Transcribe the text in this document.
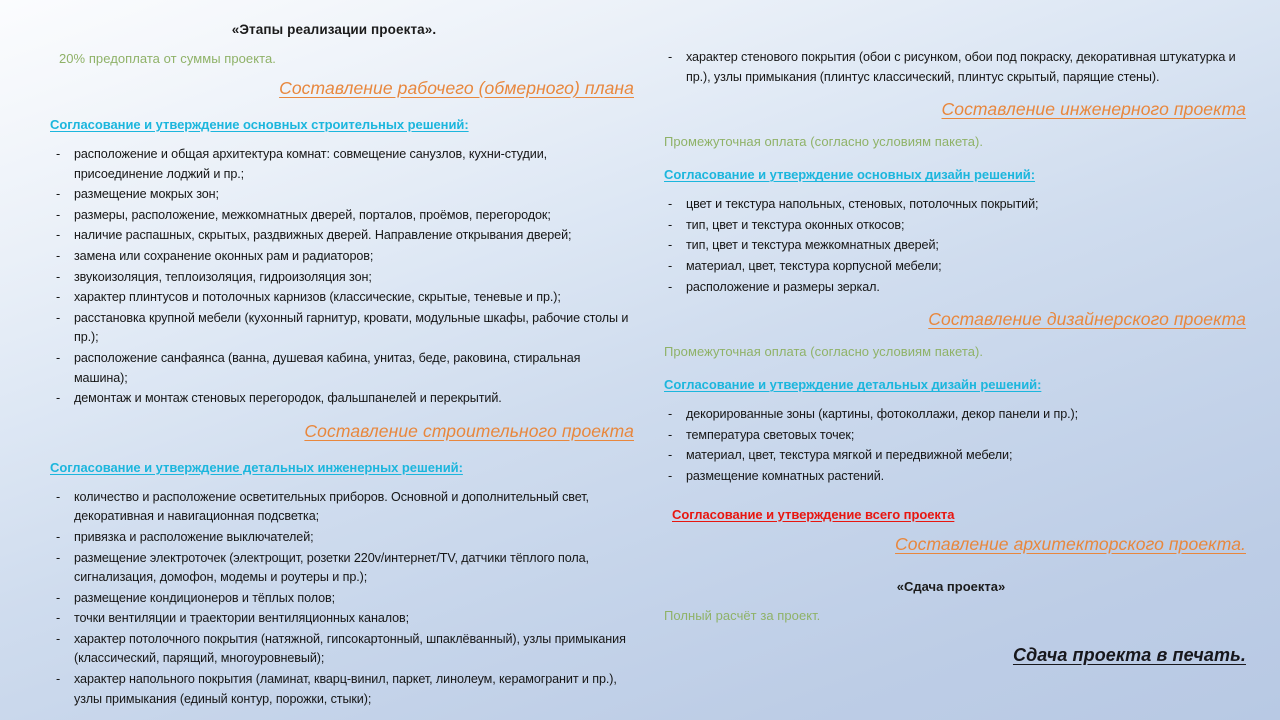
«Этапы реализации проекта».
20% предоплата от суммы проекта.
Составление рабочего (обмерного) плана
Согласование и утверждение основных строительных решений:
- расположение и общая архитектура комнат: совмещение санузлов, кухни-студии, присоединение лоджий и пр.;
- размещение мокрых зон;
- размеры, расположение, межкомнатных дверей, порталов, проёмов, перегородок;
- наличие распашных, скрытых, раздвижных дверей. Направление открывания дверей;
- замена или сохранение оконных рам и радиаторов;
- звукоизоляция, теплоизоляция, гидроизоляция зон;
- характер плинтусов и потолочных карнизов (классические, скрытые, теневые и пр.);
- расстановка крупной мебели (кухонный гарнитур, кровати, модульные шкафы, рабочие столы и пр.);
- расположение санфаянса (ванна, душевая кабина, унитаз, беде, раковина, стиральная машина);
- демонтаж и монтаж стеновых перегородок, фальшпанелей и перекрытий.
Составление строительного проекта
Согласование и утверждение детальных инженерных решений:
- количество и расположение осветительных приборов. Основной и дополнительный свет, декоративная и навигационная подсветка;
- привязка и расположение выключателей;
- размещение электроточек (электрощит, розетки 220v/интернет/TV, датчики тёплого пола, сигнализация, домофон, модемы и роутеры и пр.);
- размещение кондиционеров и тёплых полов;
- точки вентиляции и траектории вентиляционных каналов;
- характер потолочного покрытия (натяжной, гипсокартонный, шпаклёванный), узлы примыкания (классический, парящий, многоуровневый);
- характер напольного покрытия (ламинат, кварц-винил, паркет, линолеум, керамогранит и пр.), узлы примыкания (единый контур, порожки, стыки);
- характер стенового покрытия (обои с рисунком, обои под покраску, декоративная штукатурка и пр.), узлы примыкания (плинтус классический, плинтус скрытый, парящие стены).
Составление инженерного проекта
Промежуточная оплата (согласно условиям пакета).
Согласование и утверждение основных дизайн решений:
- цвет и текстура напольных, стеновых, потолочных покрытий;
- тип, цвет и текстура оконных откосов;
- тип, цвет и текстура межкомнатных дверей;
- материал, цвет, текстура корпусной мебели;
- расположение и размеры зеркал.
Составление дизайнерского проекта
Промежуточная оплата (согласно условиям пакета).
Согласование и утверждение детальных дизайн решений:
- декорированные зоны (картины, фотоколлажи, декор панели и пр.);
- температура световых точек;
- материал, цвет, текстура мягкой и передвижной мебели;
- размещение комнатных растений.
Согласование и утверждение всего проекта
Составление архитекторского проекта.
«Сдача проекта»
Полный расчёт за проект.
Сдача проекта в печать.
